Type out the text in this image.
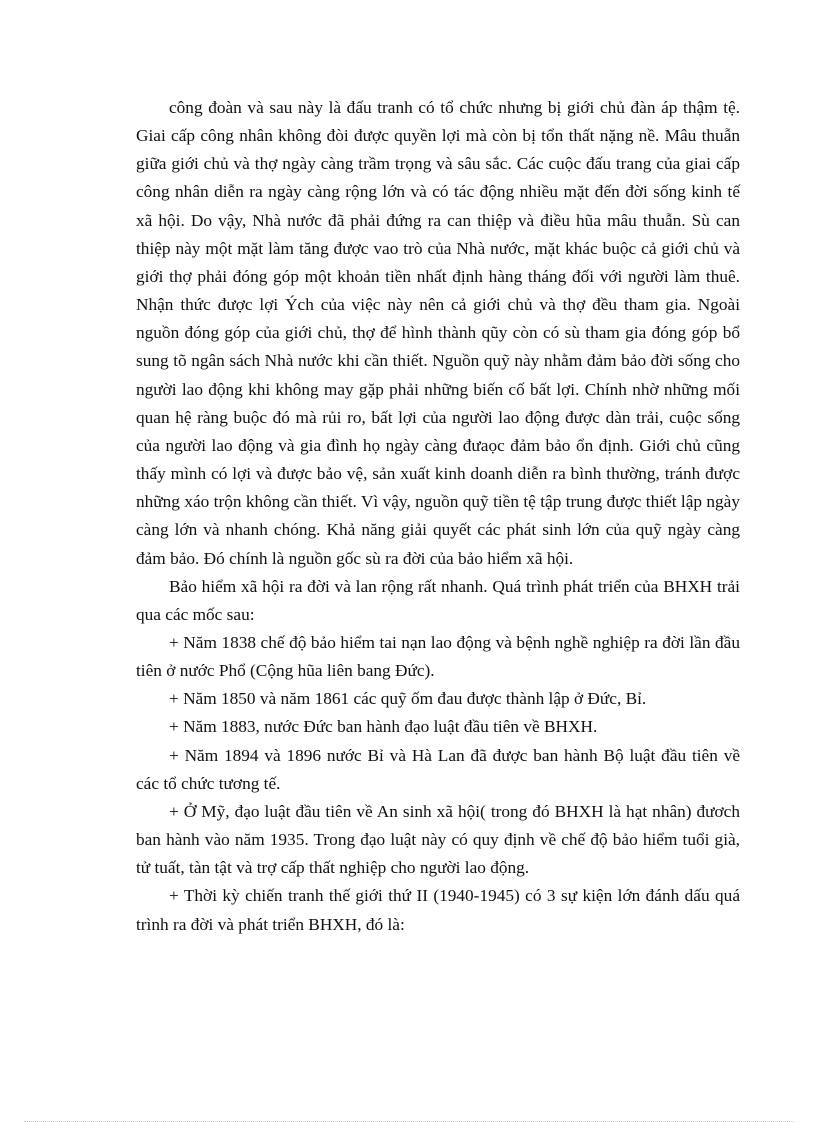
công đoàn và sau này là đấu tranh có tổ chức nhưng bị giới chủ đàn áp thậm tệ. Giai cấp công nhân không đòi được quyền lợi mà còn bị tổn thất nặng nề. Mâu thuẫn giữa giới chủ và thợ ngày càng trầm trọng và sâu sắc. Các cuộc đấu trang của giai cấp công nhân diễn ra ngày càng rộng lớn và có tác động nhiều mặt đến đời sống kinh tế xã hội. Do vậy, Nhà nước đã phải đứng ra can thiệp và điều hũa mâu thuẫn. Sù can thiệp này một mặt làm tăng được vao trò của Nhà nước, mặt khác buộc cả giới chủ và giới thợ phải đóng góp một khoản tiền nhất định hàng tháng đối với người làm thuê. Nhận thức được lợi Ých của việc này nên cả giới chủ và thợ đều tham gia. Ngoài nguồn đóng góp của giới chủ, thợ để hình thành qũy còn có sù tham gia đóng góp bổ sung tõ ngân sách Nhà nước khi cần thiết. Nguồn quỹ này nhằm đảm bảo đời sống cho người lao động khi không may gặp phải những biến cố bất lợi. Chính nhờ những mối quan hệ ràng buộc đó mà rủi ro, bất lợi của người lao động được dàn trải, cuộc sống của người lao động và gia đình họ ngày càng đưaọc đảm bảo ổn định. Giới chủ cũng thấy mình có lợi và được bảo vệ, sản xuất kinh doanh diễn ra bình thường, tránh được những xáo trộn không cần thiết. Vì vậy, nguồn quỹ tiền tệ tập trung được thiết lập ngày càng lớn và nhanh chóng. Khả năng giải quyết các phát sinh lớn của quỹ ngày càng đảm bảo. Đó chính là nguồn gốc sù ra đời của bảo hiểm xã hội.

Bảo hiểm xã hội ra đời và lan rộng rất nhanh. Quá trình phát triển của BHXH trải qua các mốc sau:

+ Năm 1838 chế độ bảo hiểm tai nạn lao động và bệnh nghề nghiệp ra đời lần đầu tiên ở nước Phổ (Cộng hũa liên bang Đức).

+ Năm 1850 và năm 1861 các quỹ ốm đau được thành lập ở Đức, Bỉ.

+ Năm 1883, nước Đức ban hành đạo luật đầu tiên về BHXH.

+ Năm 1894 và 1896 nước Bỉ và Hà Lan đã được ban hành Bộ luật đầu tiên về các tổ chức tương tế.

+ Ở Mỹ, đạo luật đầu tiên về An sinh xã hội( trong đó BHXH là hạt nhân) đươch ban hành vào năm 1935. Trong đạo luật này có quy định về chế độ bảo hiểm tuổi già, tử tuất, tàn tật và trợ cấp thất nghiệp cho người lao động.

+ Thời kỳ chiến tranh thế giới thứ II (1940-1945) có 3 sự kiện lớn đánh dấu quá trình ra đời và phát triển BHXH, đó là:
